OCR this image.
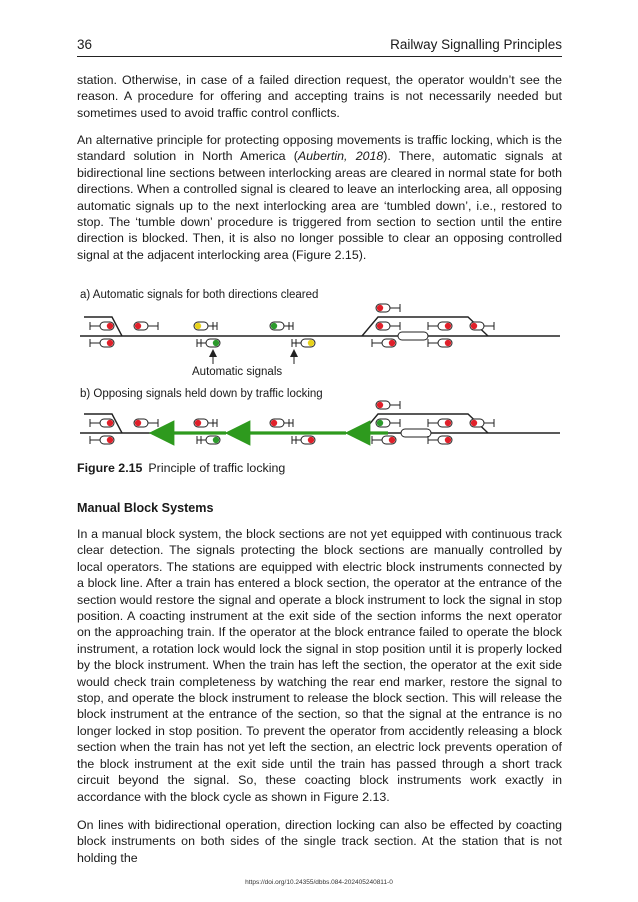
36	Railway Signalling Principles

station. Otherwise, in case of a failed direction request, the operator wouldn’t see the reason. A procedure for offering and accepting trains is not necessarily needed but sometimes used to avoid traffic control conflicts.

An alternative principle for protecting opposing movements is traffic locking, which is the standard solution in North America (Aubertin, 2018). There, automatic signals at bidirectional line sections between interlocking areas are cleared in normal state for both directions. When a controlled signal is cleared to leave an interlocking area, all opposing automatic signals up to the next interlocking area are ‘tumbled down’, i.e., restored to stop. The ‘tumble down’ procedure is triggered from section to section until the entire direction is blocked. Then, it is also no longer possible to clear an opposing controlled signal at the adjacent interlocking area (Figure 2.15).

a) Automatic signals for both directions cleared
b) Opposing signals held down by traffic locking
Automatic signals
Figure 2.15 Principle of traffic locking
Manual Block Systems

In a manual block system, the block sections are not yet equipped with continuous track clear detection. The signals protecting the block sections are manually controlled by local operators. The stations are equipped with electric block instruments connected by a block line. After a train has entered a block section, the operator at the entrance of the section would restore the signal and operate a block instrument to lock the signal in stop position. A coacting instrument at the exit side of the section informs the next operator on the approaching train. If the operator at the block entrance failed to operate the block instrument, a rotation lock would lock the signal in stop position until it is properly locked by the block instrument. When the train has left the section, the operator at the exit side would check train completeness by watching the rear end marker, restore the signal to stop, and operate the block instrument to release the block section. This will release the block instrument at the entrance of the section, so that the signal at the entrance is no longer locked in stop position. To prevent the operator from accidently releasing a block section when the train has not yet left the section, an electric lock prevents operation of the block instrument at the exit side until the train has passed through a short track circuit beyond the signal. So, these coacting block instruments work exactly in accordance with the block cycle as shown in Figure 2.13.

On lines with bidirectional operation, direction locking can also be effected by coacting block instruments on both sides of the single track section. At the station that is not holding the

https://doi.org/10.24355/dbbs.084-202405240811-0
